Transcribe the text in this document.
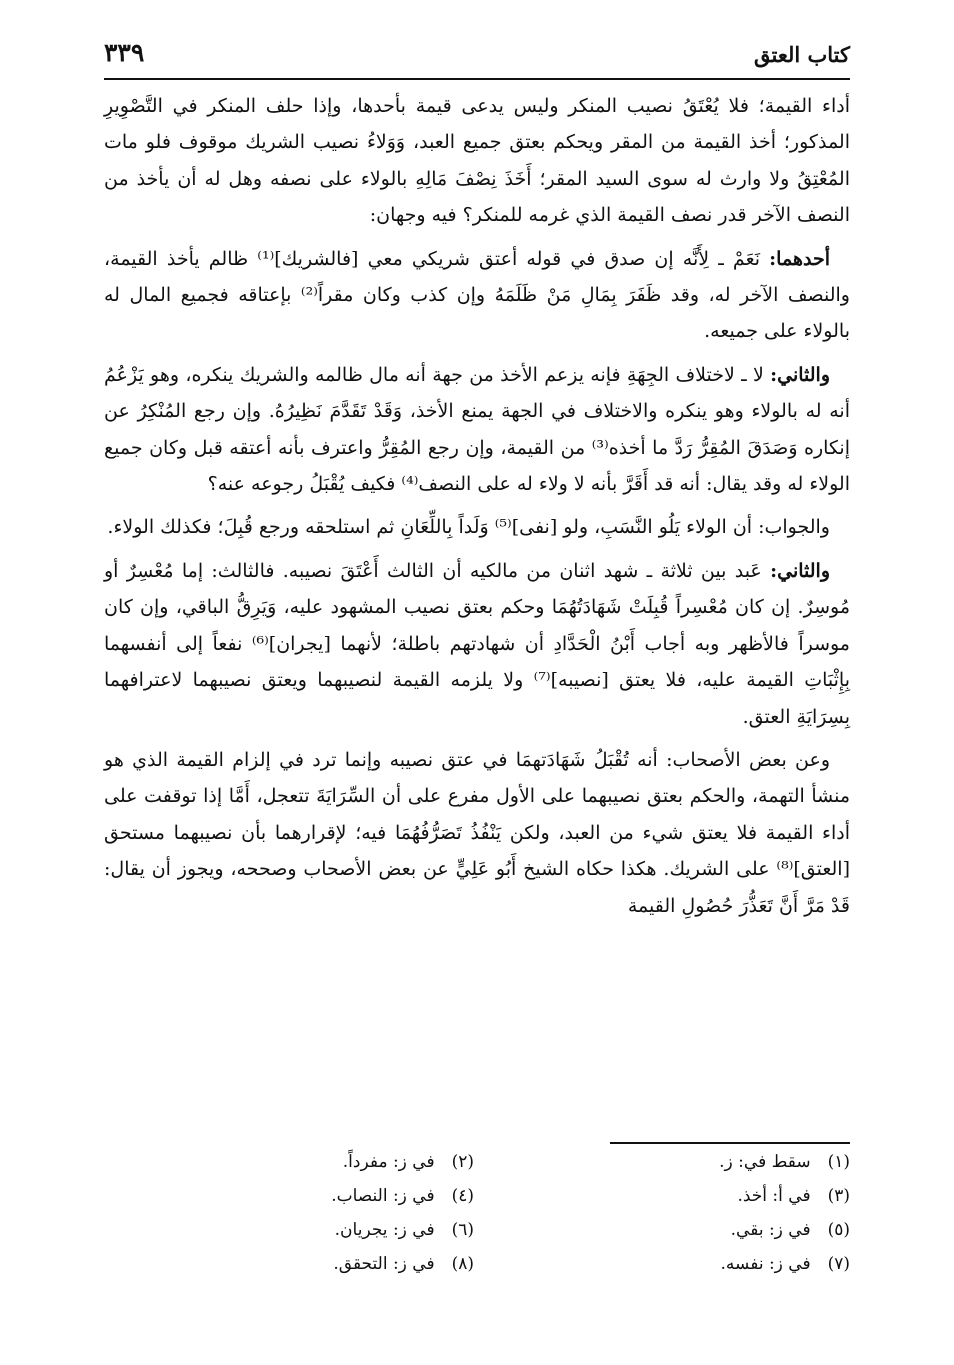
كتاب العتق
٣٣٩

أداء القيمة؛ فلا يُعْتَقُ نصيب المنكر وليس يدعى قيمة بأحدها، وإذا حلف المنكر في التَّصْوِيرِ المذكور؛ أخذ القيمة من المقر ويحكم بعتق جميع العبد، وَوَلاءُ نصيب الشريك موقوف فلو مات المُعْتِقُ ولا وارث له سوى السيد المقر؛ أَخَذَ نِصْفَ مَالِهِ بالولاء على نصفه وهل له أن يأخذ من النصف الآخر قدر نصف القيمة الذي غرمه للمنكر؟ فيه وجهان:

أحدهما: نَعَمْ ـ لِأَنَّه إن صدق في قوله أعتق شريكي معي [فالشريك]⁽¹⁾ ظالم يأخذ القيمة، والنصف الآخر له، وقد ظَفَرَ بِمَالِ مَنْ ظَلَمَهُ وإن كذب وكان مقراً⁽²⁾ بإعتاقه فجميع المال له بالولاء على جميعه.

والثاني: لا ـ لاختلاف الجِهَةِ فإنه يزعم الأخذ من جهة أنه مال ظالمه والشريك ينكره، وهو يَزْعُمُ أنه له بالولاء وهو ينكره والاختلاف في الجهة يمنع الأخذ، وَقَدْ تَقَدَّمَ نَظِيرُهُ. وإن رجع المُنْكِرُ عن إنكاره وَصَدَقَ المُقِرُّ رَدَّ ما أخذه⁽³⁾ من القيمة، وإن رجع المُقِرُّ واعترف بأنه أعتقه قبل وكان جميع الولاء له وقد يقال: أنه قد أَقَرَّ بأنه لا ولاء له على النصف⁽⁴⁾ فكيف يُقْبَلُ رجوعه عنه؟

والجواب: أن الولاء يَلُو النَّسَبِ، ولو [نفى]⁽⁵⁾ وَلَداً بِاللِّعَانِ ثم استلحقه ورجع قُبِلَ؛ فكذلك الولاء.

والثاني: عَبد بين ثلاثة ـ شهد اثنان من مالكيه أن الثالث أَعْتَقَ نصيبه. فالثالث: إما مُعْسِرٌ أو مُوسِرٌ. إن كان مُعْسِراً قُبِلَتْ شَهَادَتُهُمَا وحكم بعتق نصيب المشهود عليه، وَيَرِقُّ الباقي، وإن كان موسراً فالأظهر وبه أجاب أَبْنُ الْحَدَّادِ أن شهادتهم باطلة؛ لأنهما [يجران]⁽⁶⁾ نفعاً إلى أنفسهما بِإِثْبَاتِ القيمة عليه، فلا يعتق [نصيبه]⁽⁷⁾ ولا يلزمه القيمة لنصيبهما ويعتق نصيبهما لاعترافهما بِسِرَايَةِ العتق.

وعن بعض الأصحاب: أنه تُقْبَلُ شَهَادَتهمَا في عتق نصيبه وإنما ترد في إلزام القيمة الذي هو منشأ التهمة، والحكم بعتق نصيبهما على الأول مفرع على أن السِّرَايَةَ تتعجل، أَمَّا إذا توقفت على أداء القيمة فلا يعتق شيء من العبد، ولكن يَنْفُذُ تَصَرُّفُهُمَا فيه؛ لإقرارهما بأن نصيبهما مستحق [العتق]⁽⁸⁾ على الشريك. هكذا حكاه الشيخ أَبُو عَلِيٍّ عن بعض الأصحاب وصححه، ويجوز أن يقال: قَدْ مَرَّ أَنَّ تَعَذُّرَ حُصُولِ القيمة

(١) سقط في: ز.
(٢) في ز: مفرداً.
(٣) في أ: أخذ.
(٤) في ز: النصاب.
(٥) في ز: بقي.
(٦) في ز: يجريان.
(٧) في ز: نفسه.
(٨) في ز: التحقق.
